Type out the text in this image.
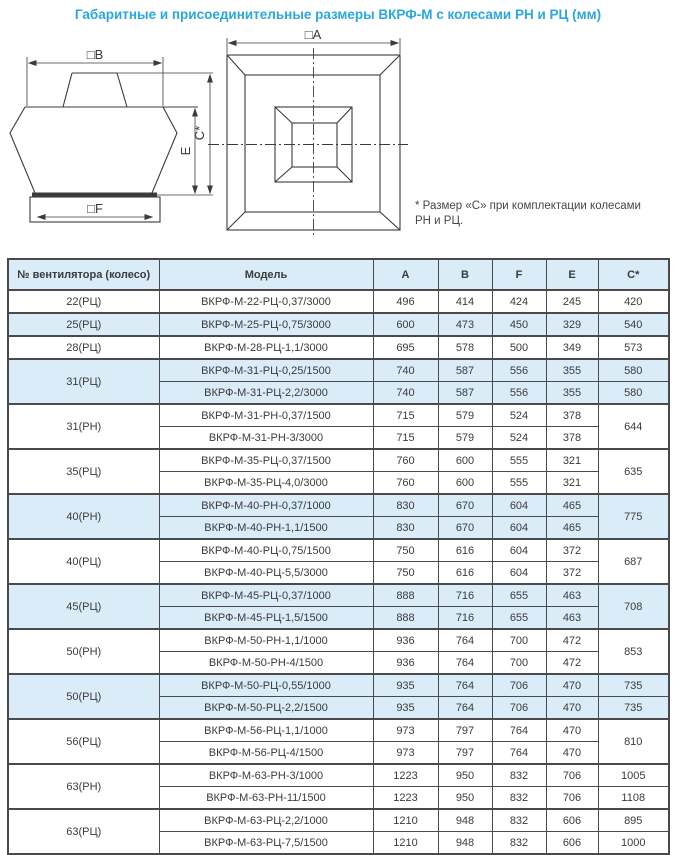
Габаритные и присоединительные размеры ВКРФ-М с колесами РН и РЦ (мм)
□B
□F
E
C*
□A
* Размер «С» при комплектации колесами
РН и РЦ.
№ вентилятора (колесо)	Модель	A	B	F	E	C*
22(РЦ)	ВКРФ-М-22-РЦ-0,37/3000	496	414	424	245	420
25(РЦ)	ВКРФ-М-25-РЦ-0,75/3000	600	473	450	329	540
28(РЦ)	ВКРФ-М-28-РЦ-1,1/3000	695	578	500	349	573
31(РЦ)	ВКРФ-М-31-РЦ-0,25/1500	740	587	556	355	580
	ВКРФ-М-31-РЦ-2,2/3000	740	587	556	355	580
31(РН)	ВКРФ-М-31-РН-0,37/1500	715	579	524	378	644
	ВКРФ-М-31-РН-3/3000	715	579	524	378	
35(РЦ)	ВКРФ-М-35-РЦ-0,37/1500	760	600	555	321	635
	ВКРФ-М-35-РЦ-4,0/3000	760	600	555	321	
40(РН)	ВКРФ-М-40-РН-0,37/1000	830	670	604	465	775
	ВКРФ-М-40-РН-1,1/1500	830	670	604	465	
40(РЦ)	ВКРФ-М-40-РЦ-0,75/1500	750	616	604	372	687
	ВКРФ-М-40-РЦ-5,5/3000	750	616	604	372	
45(РЦ)	ВКРФ-М-45-РЦ-0,37/1000	888	716	655	463	708
	ВКРФ-М-45-РЦ-1,5/1500	888	716	655	463	
50(РН)	ВКРФ-М-50-РН-1,1/1000	936	764	700	472	853
	ВКРФ-М-50-РН-4/1500	936	764	700	472	
50(РЦ)	ВКРФ-М-50-РЦ-0,55/1000	935	764	706	470	735
	ВКРФ-М-50-РЦ-2,2/1500	935	764	706	470	735
56(РЦ)	ВКРФ-М-56-РЦ-1,1/1000	973	797	764	470	810
	ВКРФ-М-56-РЦ-4/1500	973	797	764	470	
63(РН)	ВКРФ-М-63-РН-3/1000	1223	950	832	706	1005
	ВКРФ-М-63-РН-11/1500	1223	950	832	706	1108
63(РЦ)	ВКРФ-М-63-РЦ-2,2/1000	1210	948	832	606	895
	ВКРФ-М-63-РЦ-7,5/1500	1210	948	832	606	1000
